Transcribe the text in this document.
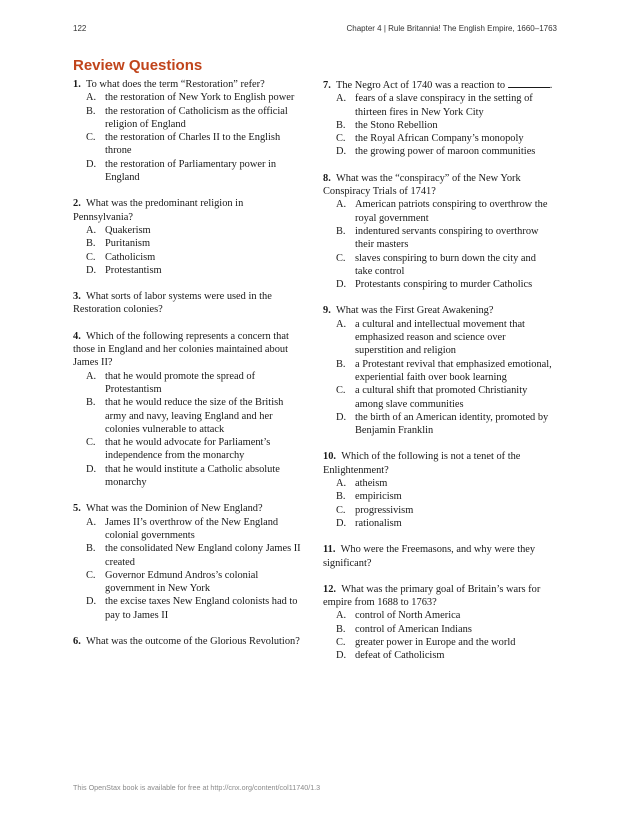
122	Chapter 4 | Rule Britannia! The English Empire, 1660–1763
Review Questions

1. To what does the term “Restoration” refer?

A. the restoration of New York to English power
B. the restoration of Catholicism as the official religion of England
C. the restoration of Charles II to the English throne
D. the restoration of Parliamentary power in England

2. What was the predominant religion in Pennsylvania?

A. Quakerism
B. Puritanism
C. Catholicism
D. Protestantism

3. What sorts of labor systems were used in the Restoration colonies?

4. Which of the following represents a concern that those in England and her colonies maintained about James II?

A. that he would promote the spread of Protestantism
B. that he would reduce the size of the British army and navy, leaving England and her colonies vulnerable to attack
C. that he would advocate for Parliament’s independence from the monarchy
D. that he would institute a Catholic absolute monarchy

5. What was the Dominion of New England?

A. James II’s overthrow of the New England colonial governments
B. the consolidated New England colony James II created
C. Governor Edmund Andros’s colonial government in New York
D. the excise taxes New England colonists had to pay to James II

6. What was the outcome of the Glorious Revolution?

7. The Negro Act of 1740 was a reaction to	.

A. fears of a slave conspiracy in the setting of thirteen fires in New York City
B. the Stono Rebellion
C. the Royal African Company’s monopoly
D. the growing power of maroon communities

8. What was the “conspiracy” of the New York Conspiracy Trials of 1741?

A. American patriots conspiring to overthrow the royal government
B. indentured servants conspiring to overthrow their masters
C. slaves conspiring to burn down the city and take control
D. Protestants conspiring to murder Catholics

9. What was the First Great Awakening?

A. a cultural and intellectual movement that emphasized reason and science over superstition and religion
B. a Protestant revival that emphasized emotional, experiential faith over book learning
C. a cultural shift that promoted Christianity among slave communities
D. the birth of an American identity, promoted by Benjamin Franklin

10. Which of the following is not a tenet of the Enlightenment?

A. atheism
B. empiricism
C. progressivism
D. rationalism

11. Who were the Freemasons, and why were they significant?

12. What was the primary goal of Britain’s wars for empire from 1688 to 1763?

A. control of North America
B. control of American Indians
C. greater power in Europe and the world
D. defeat of Catholicism
This OpenStax book is available for free at http://cnx.org/content/col11740/1.3
